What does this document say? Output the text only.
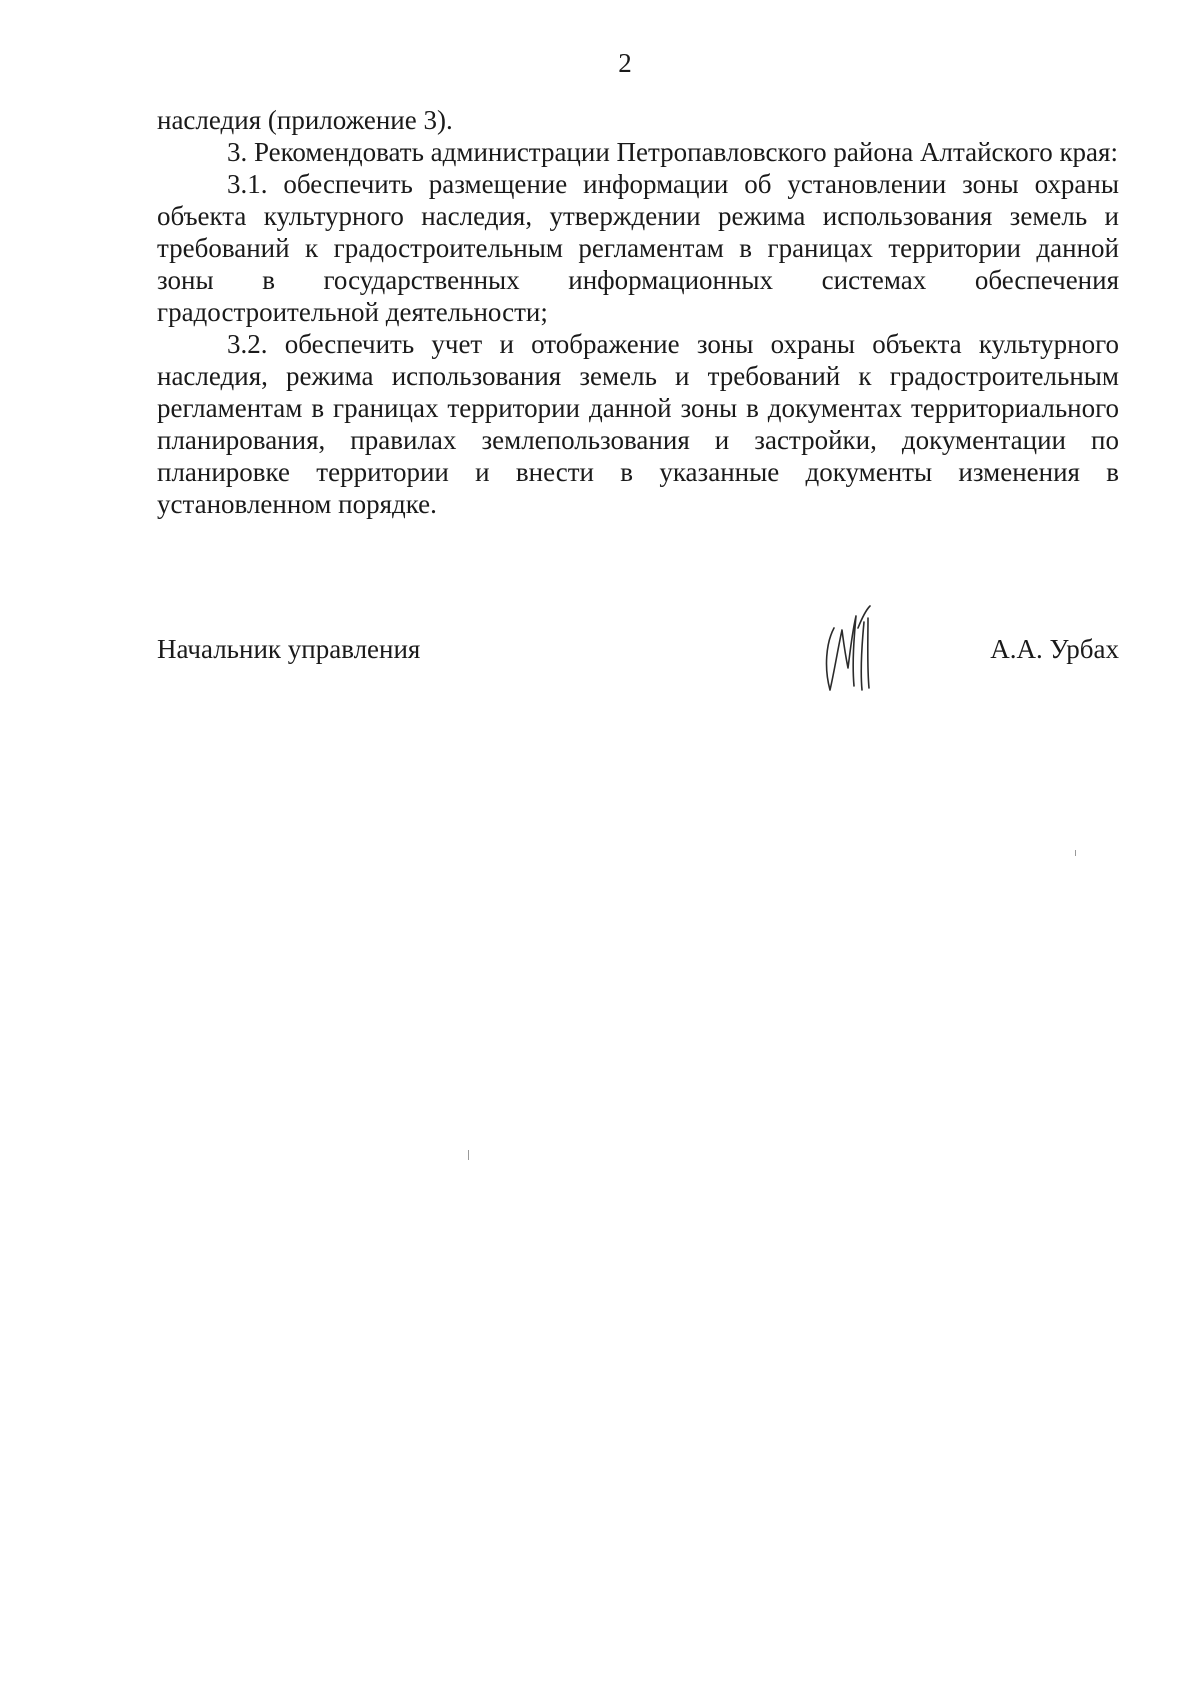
2

наследия (приложение 3).

3. Рекомендовать администрации Петропавловского района Алтайского края:

3.1. обеспечить размещение информации об установлении зоны охраны объекта культурного наследия, утверждении режима использования земель и требований к градостроительным регламентам в границах территории данной зоны в государственных информационных системах обеспечения градостроительной деятельности;

3.2. обеспечить учет и отображение зоны охраны объекта культурного наследия, режима использования земель и требований к градостроительным регламентам в границах территории данной зоны в документах территориального планирования, правилах землепользования и застройки, документации по планировке территории и внести в указанные документы изменения в установленном порядке.

Начальник управления	А.А. Урбах
